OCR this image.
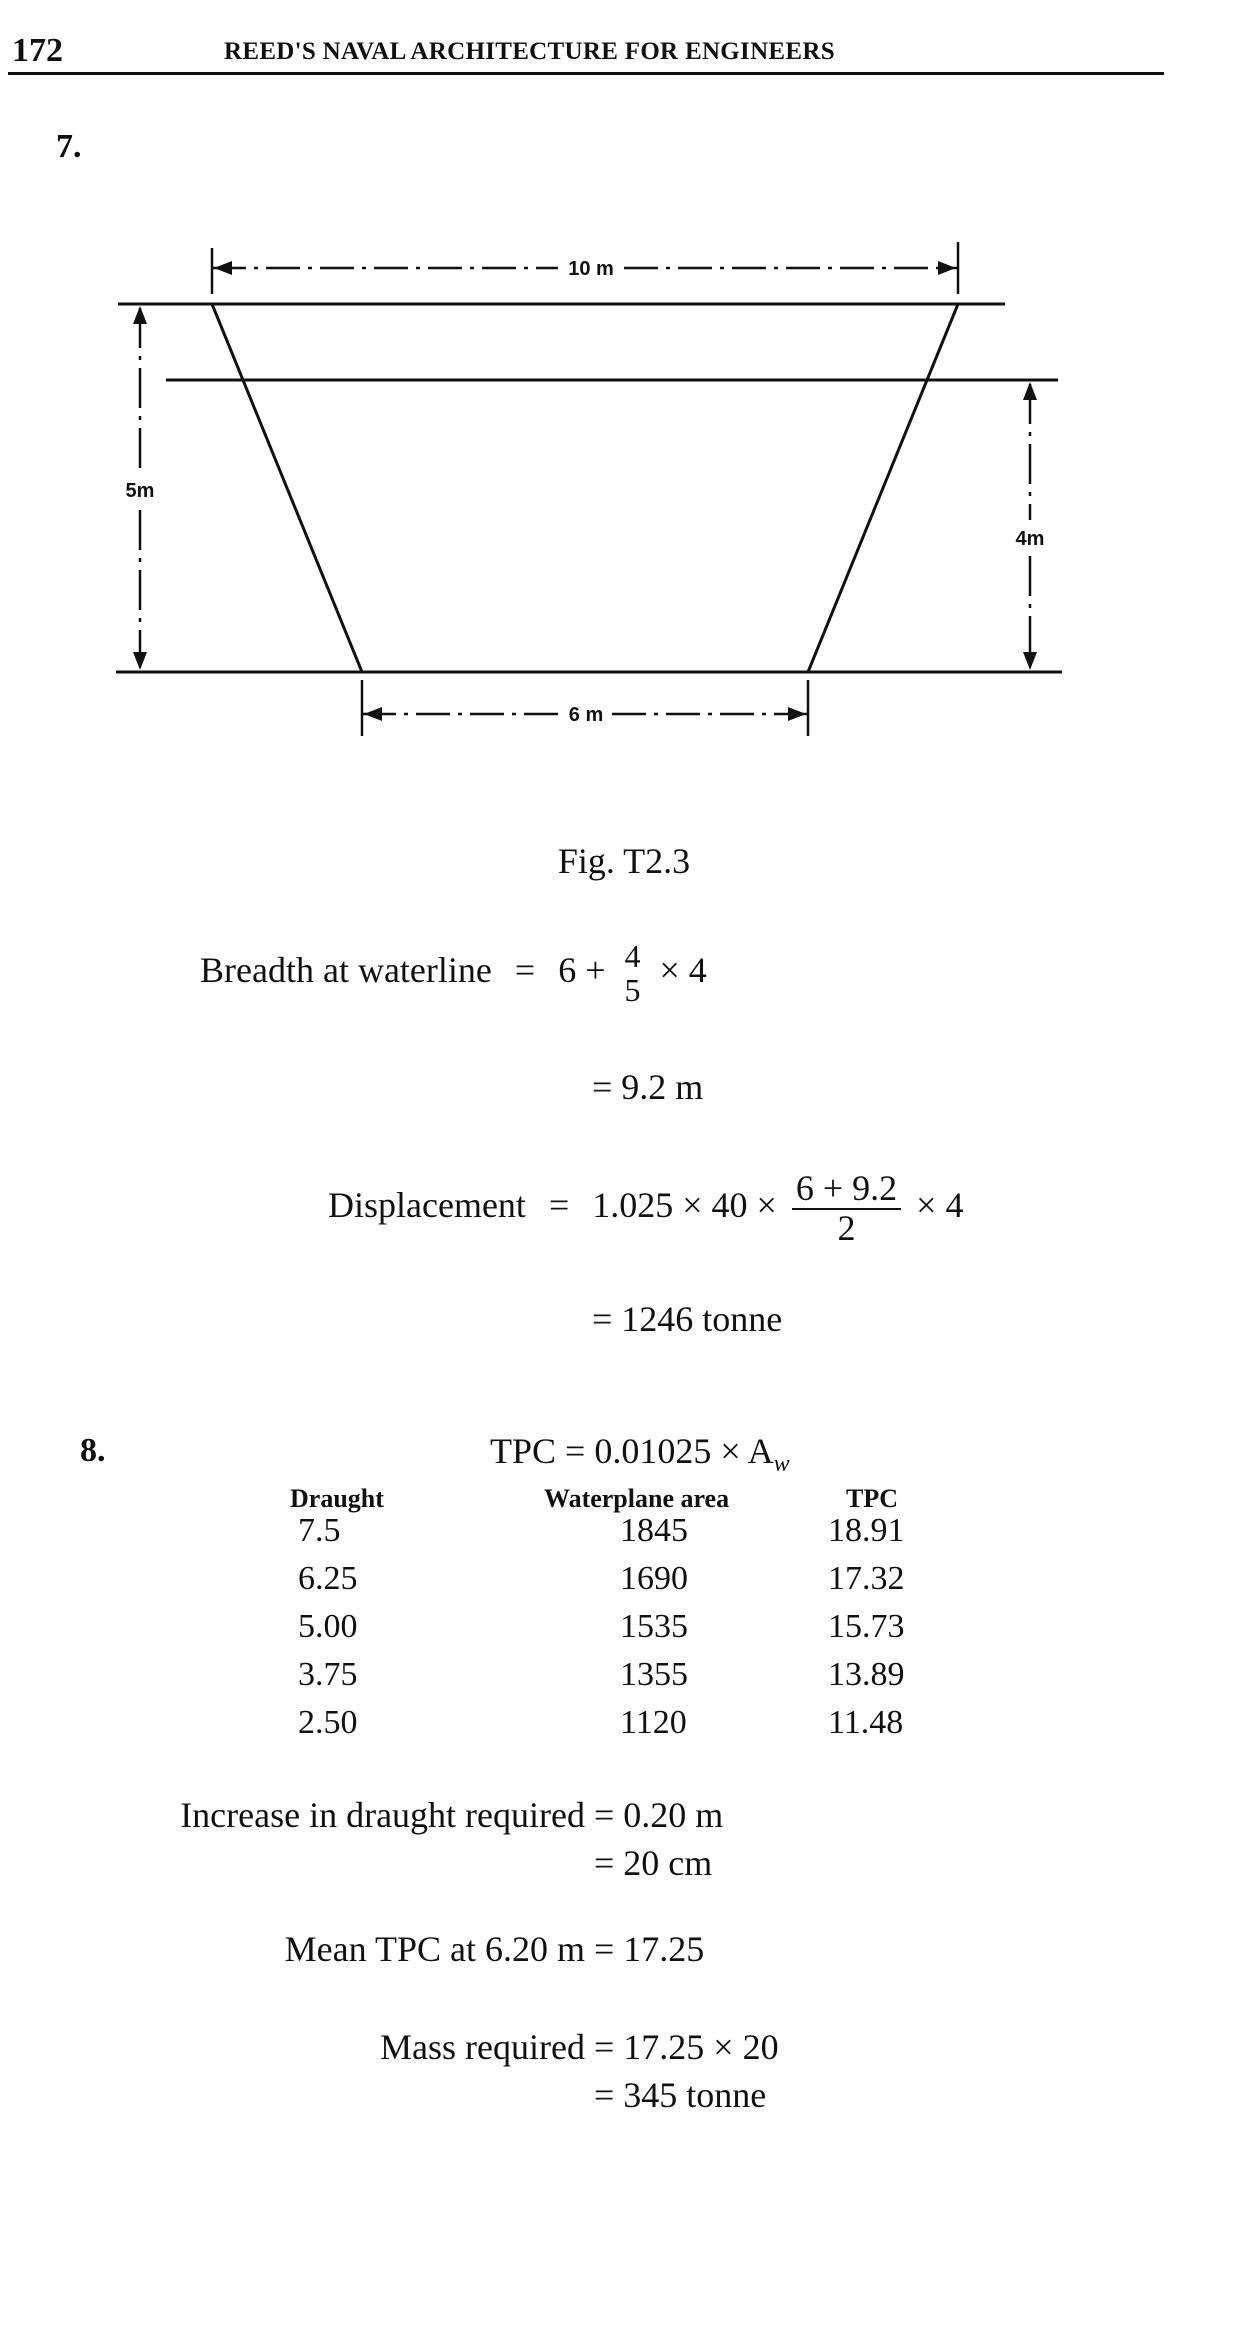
172	REED'S NAVAL ARCHITECTURE FOR ENGINEERS
7.
10 m
5m
4m
6 m
Fig. T2.3
Breadth at waterline = 6 + 4
5 × 4
= 9.2 m
Displacement = $1.025 \times 40 \times \frac{6 + 9.2}{2} \times 4$
= 1246 tonne
8.	TPC = $0.01025 \times A_w$
Draught	Waterplane area	TPC
7.5	1845	18.91
6.25	1690	17.32
5.00	1535	15.73
3.75	1355	13.89
2.50	1120	11.48
Increase in draught required = 0.20 m
= 20 cm
Mean TPC at 6.20 m = 17.25
Mass required = 17.25 × 20
= 345 tonne
